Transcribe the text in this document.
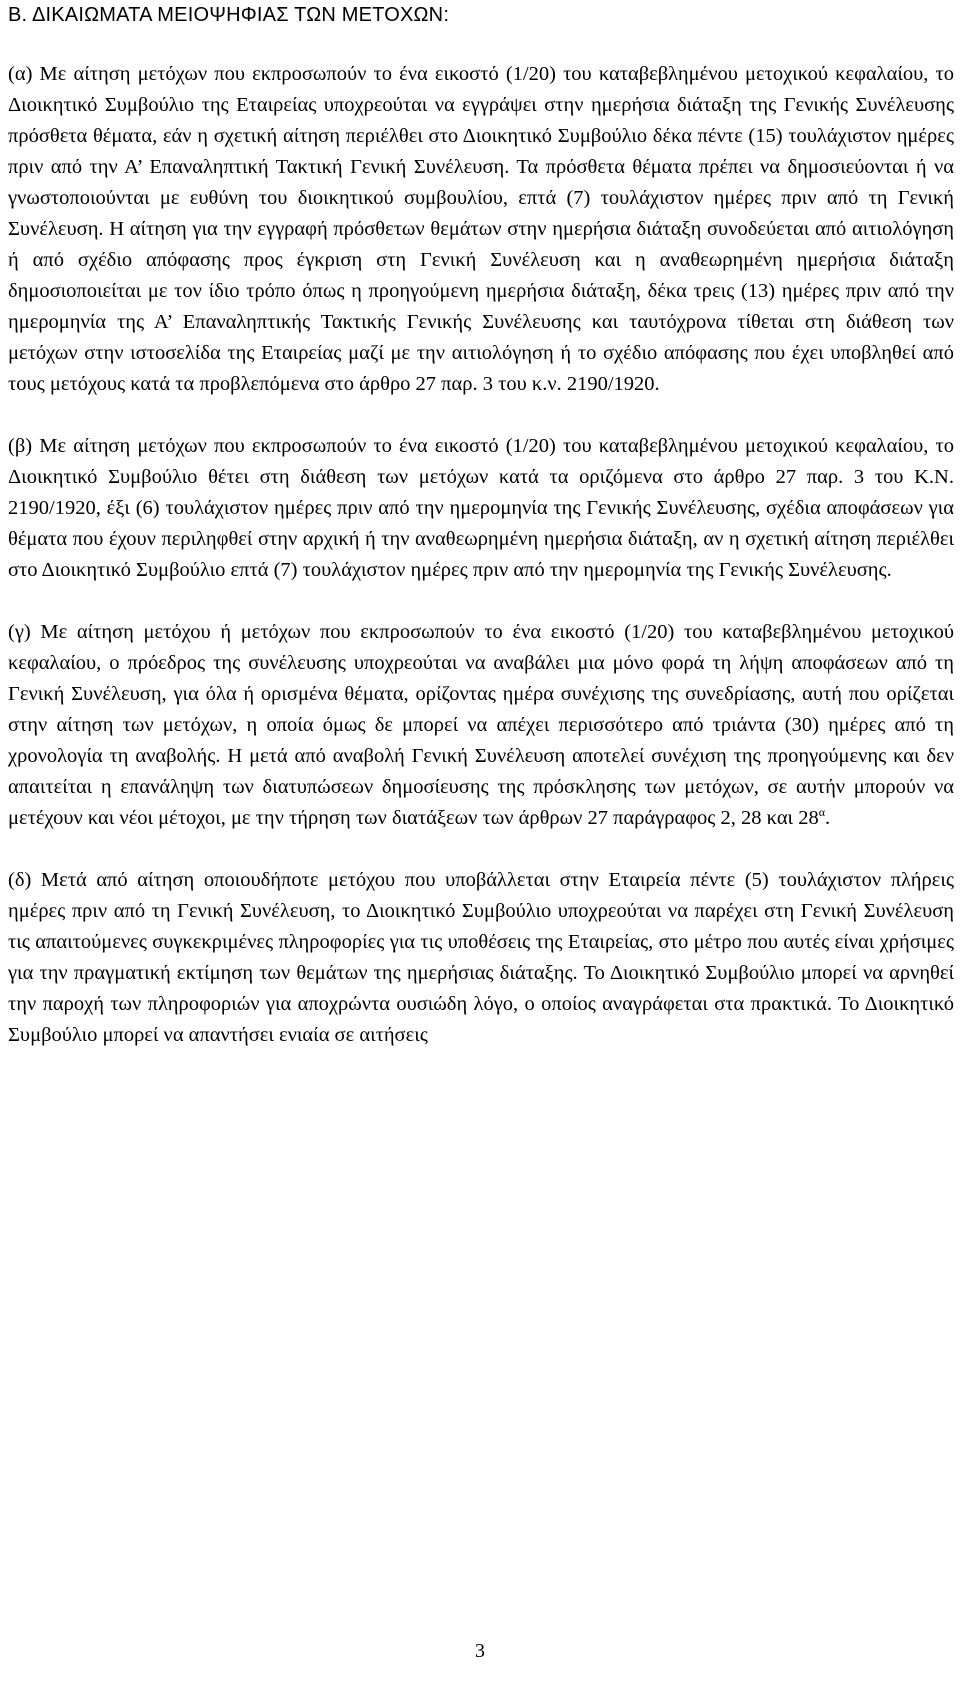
Β. ΔΙΚΑΙΩΜΑΤΑ ΜΕΙΟΨΗΦΙΑΣ ΤΩΝ ΜΕΤΟΧΩΝ:

(α) Με αίτηση μετόχων που εκπροσωπούν το ένα εικοστό (1/20) του καταβεβλημένου μετοχικού κεφαλαίου, το Διοικητικό Συμβούλιο της Εταιρείας υποχρεούται να εγγράψει στην ημερήσια διάταξη της Γενικής Συνέλευσης πρόσθετα θέματα, εάν η σχετική αίτηση περιέλθει στο Διοικητικό Συμβούλιο δέκα πέντε (15) τουλάχιστον ημέρες πριν από την Α’ Επαναληπτική Τακτική Γενική Συνέλευση. Τα πρόσθετα θέματα πρέπει να δημοσιεύονται ή να γνωστοποιούνται με ευθύνη του διοικητικού συμβουλίου, επτά (7) τουλάχιστον ημέρες πριν από τη Γενική Συνέλευση. Η αίτηση για την εγγραφή πρόσθετων θεμάτων στην ημερήσια διάταξη συνοδεύεται από αιτιολόγηση ή από σχέδιο απόφασης προς έγκριση στη Γενική Συνέλευση και η αναθεωρημένη ημερήσια διάταξη δημοσιοποιείται με τον ίδιο τρόπο όπως η προηγούμενη ημερήσια διάταξη, δέκα τρεις (13) ημέρες πριν από την ημερομηνία της Α’ Επαναληπτικής Τακτικής Γενικής Συνέλευσης και ταυτόχρονα τίθεται στη διάθεση των μετόχων στην ιστοσελίδα της Εταιρείας μαζί με την αιτιολόγηση ή το σχέδιο απόφασης που έχει υποβληθεί από τους μετόχους κατά τα προβλεπόμενα στο άρθρο 27 παρ. 3 του κ.ν. 2190/1920.

(β) Με αίτηση μετόχων που εκπροσωπούν το ένα εικοστό (1/20) του καταβεβλημένου μετοχικού κεφαλαίου, το Διοικητικό Συμβούλιο θέτει στη διάθεση των μετόχων κατά τα οριζόμενα στο άρθρο 27 παρ. 3 του Κ.Ν. 2190/1920, έξι (6) τουλάχιστον ημέρες πριν από την ημερομηνία της Γενικής Συνέλευσης, σχέδια αποφάσεων για θέματα που έχουν περιληφθεί στην αρχική ή την αναθεωρημένη ημερήσια διάταξη, αν η σχετική αίτηση περιέλθει στο Διοικητικό Συμβούλιο επτά (7) τουλάχιστον ημέρες πριν από την ημερομηνία της Γενικής Συνέλευσης.

(γ) Με αίτηση μετόχου ή μετόχων που εκπροσωπούν το ένα εικοστό (1/20) του καταβεβλημένου μετοχικού κεφαλαίου, ο πρόεδρος της συνέλευσης υποχρεούται να αναβάλει μια μόνο φορά τη λήψη αποφάσεων από τη Γενική Συνέλευση, για όλα ή ορισμένα θέματα, ορίζοντας ημέρα συνέχισης της συνεδρίασης, αυτή που ορίζεται στην αίτηση των μετόχων, η οποία όμως δε μπορεί να απέχει περισσότερο από τριάντα (30) ημέρες από τη χρονολογία τη αναβολής. Η μετά από αναβολή Γενική Συνέλευση αποτελεί συνέχιση της προηγούμενης και δεν απαιτείται η επανάληψη των διατυπώσεων δημοσίευσης της πρόσκλησης των μετόχων, σε αυτήν μπορούν να μετέχουν και νέοι μέτοχοι, με την τήρηση των διατάξεων των άρθρων 27 παράγραφος 2, 28 και $28^\alpha$.

(δ) Μετά από αίτηση οποιουδήποτε μετόχου που υποβάλλεται στην Εταιρεία πέντε (5) τουλάχιστον πλήρεις ημέρες πριν από τη Γενική Συνέλευση, το Διοικητικό Συμβούλιο υποχρεούται να παρέχει στη Γενική Συνέλευση τις απαιτούμενες συγκεκριμένες πληροφορίες για τις υποθέσεις της Εταιρείας, στο μέτρο που αυτές είναι χρήσιμες για την πραγματική εκτίμηση των θεμάτων της ημερήσιας διάταξης. Το Διοικητικό Συμβούλιο μπορεί να αρνηθεί την παροχή των πληροφοριών για αποχρώντα ουσιώδη λόγο, ο οποίος αναγράφεται στα πρακτικά. Το Διοικητικό Συμβούλιο μπορεί να απαντήσει ενιαία σε αιτήσεις

3
